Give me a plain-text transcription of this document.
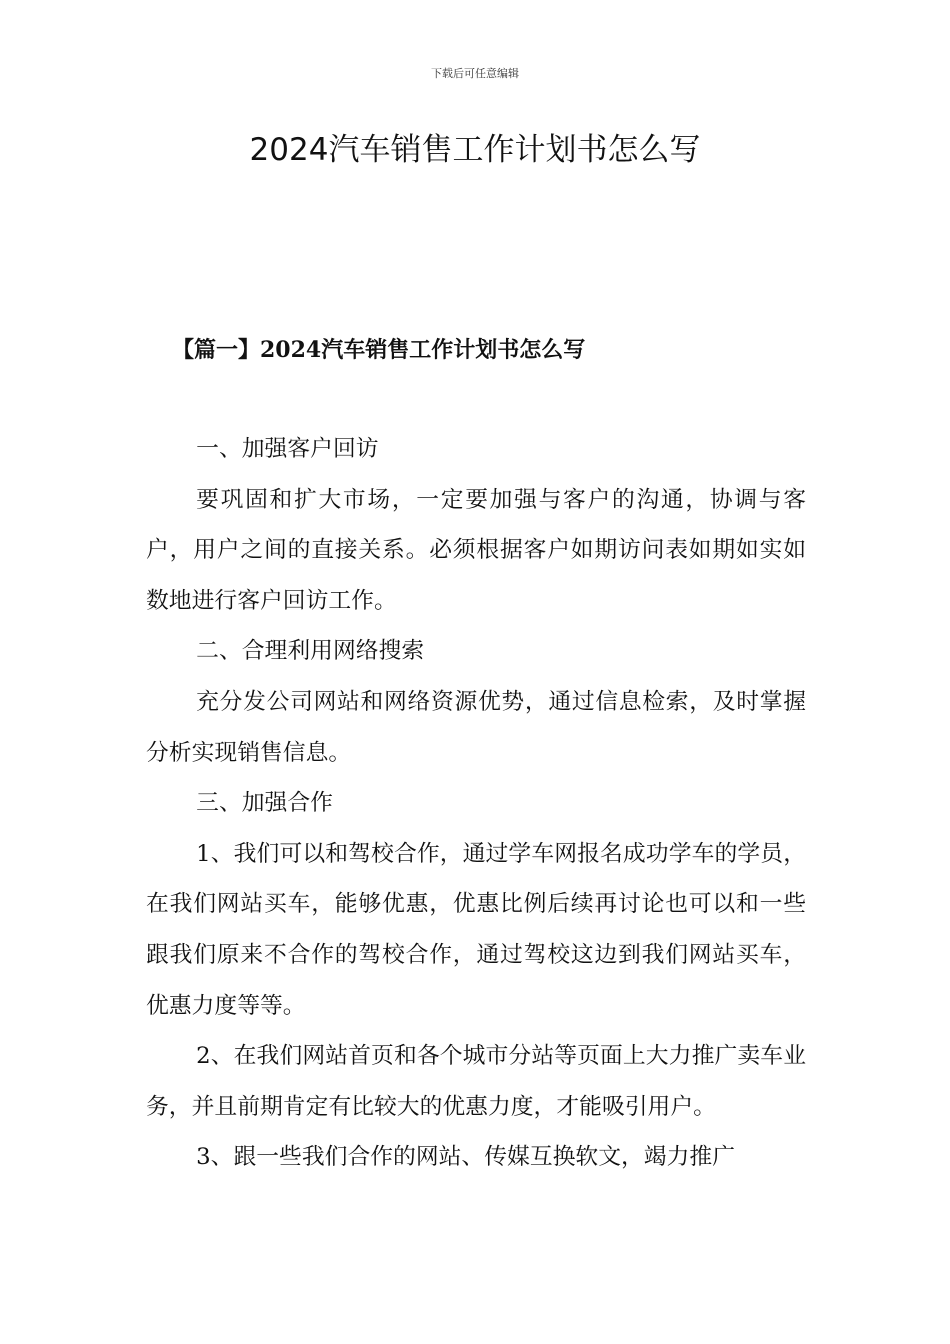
下载后可任意编辑
2024汽车销售工作计划书怎么写
【篇一】2024汽车销售工作计划书怎么写

一、加强客户回访

要巩固和扩大市场，一定要加强与客户的沟通，协调与客户，用户之间的直接关系。必须根据客户如期访问表如期如实如数地进行客户回访工作。

二、合理利用网络搜索

充分发公司网站和网络资源优势，通过信息检索，及时掌握分析实现销售信息。

三、加强合作

1、我们可以和驾校合作，通过学车网报名成功学车的学员，在我们网站买车，能够优惠，优惠比例后续再讨论也可以和一些跟我们原来不合作的驾校合作，通过驾校这边到我们网站买车，优惠力度等等。

2、在我们网站首页和各个城市分站等页面上大力推广卖车业务，并且前期肯定有比较大的优惠力度，才能吸引用户。

3、跟一些我们合作的网站、传媒互换软文，竭力推广
